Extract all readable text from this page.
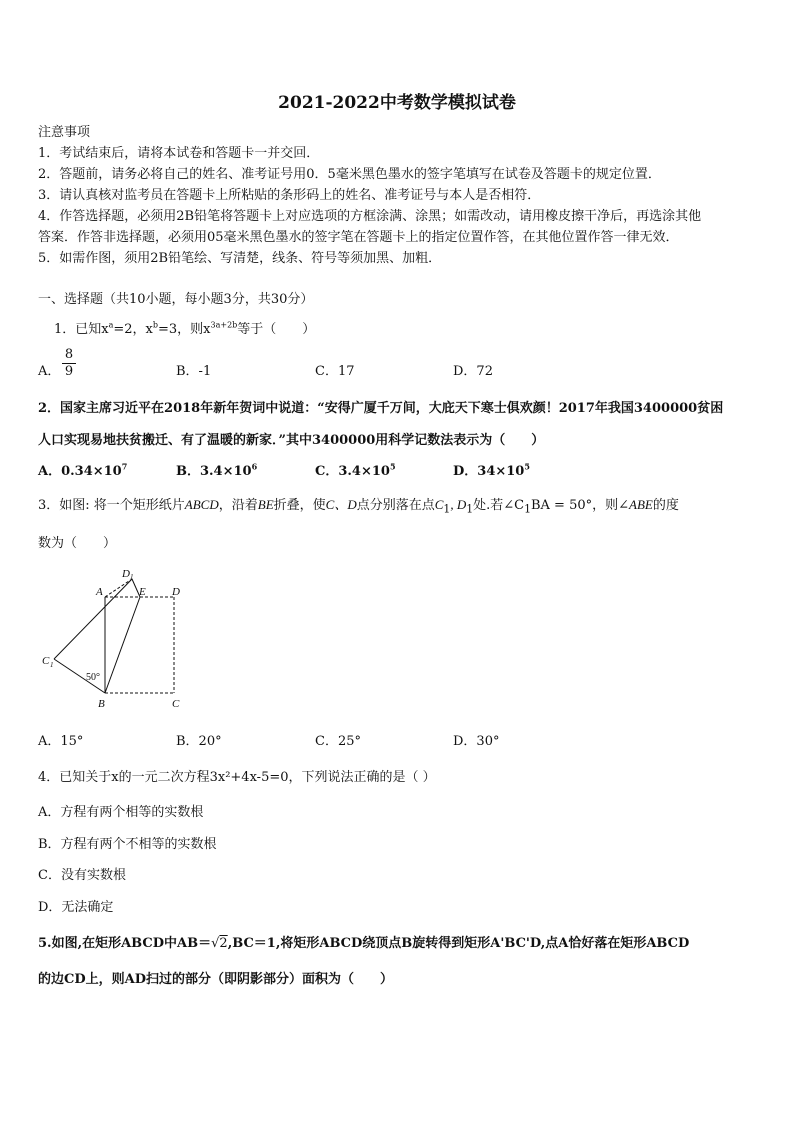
2021-2022中考数学模拟试卷
注意事项
1．考试结束后，请将本试卷和答题卡一并交回．
2．答题前，请务必将自己的姓名、准考证号用0．5毫米黑色墨水的签字笔填写在试卷及答题卡的规定位置．
3．请认真核对监考员在答题卡上所粘贴的条形码上的姓名、准考证号与本人是否相符．
4．作答选择题，必须用2B铅笔将答题卡上对应选项的方框涂满、涂黑；如需改动，请用橡皮擦干净后，再选涂其他
答案．作答非选择题，必须用05毫米黑色墨水的签字笔在答题卡上的指定位置作答，在其他位置作答一律无效．
5．如需作图，须用2B铅笔绘、写清楚，线条、符号等须加黑、加粗．
一、选择题（共10小题，每小题3分，共30分）
1．已知$x^a=2$，$x^b=3$，则$x^{3a+2b}$等于（　　）
A．
8
9	B．-1	C．17	D．72
2．国家主席习近平在2018年新年贺词中说道：“安得广厦千万间，大庇天下寒士俱欢颜！2017年我国3400000贫困
人口实现易地扶贫搬迁、有了温暖的新家．”其中3400000用科学记数法表示为（　　）
A．$0.34\times 10^7$	B．$3.4\times 10^6$	C．$3.4\times 10^5$	D．$34\times 10^5$
3．如图: 将一个矩形纸片ABCD，沿着BE折叠，使C、D点分别落在点$C_1$, $D_1$处.若$\angle C_1BA = 50^\circ$，则∠ABE的度
数为（　　）
A
B	C
D
E
C 1
D 1
50°
A．15°	B．20°	C．25°	D．30°
4．已知关于x的一元二次方程3x²+4x-5=0，下列说法正确的是（ ）
A．方程有两个相等的实数根
B．方程有两个不相等的实数根
C．没有实数根
D．无法确定
5.如图,在矩形ABCD中AB＝√2,BC＝1,将矩形ABCD绕顶点B旋转得到矩形A'BC'D,点A恰好落在矩形ABCD
的边CD上，则AD扫过的部分（即阴影部分）面积为（　　）
